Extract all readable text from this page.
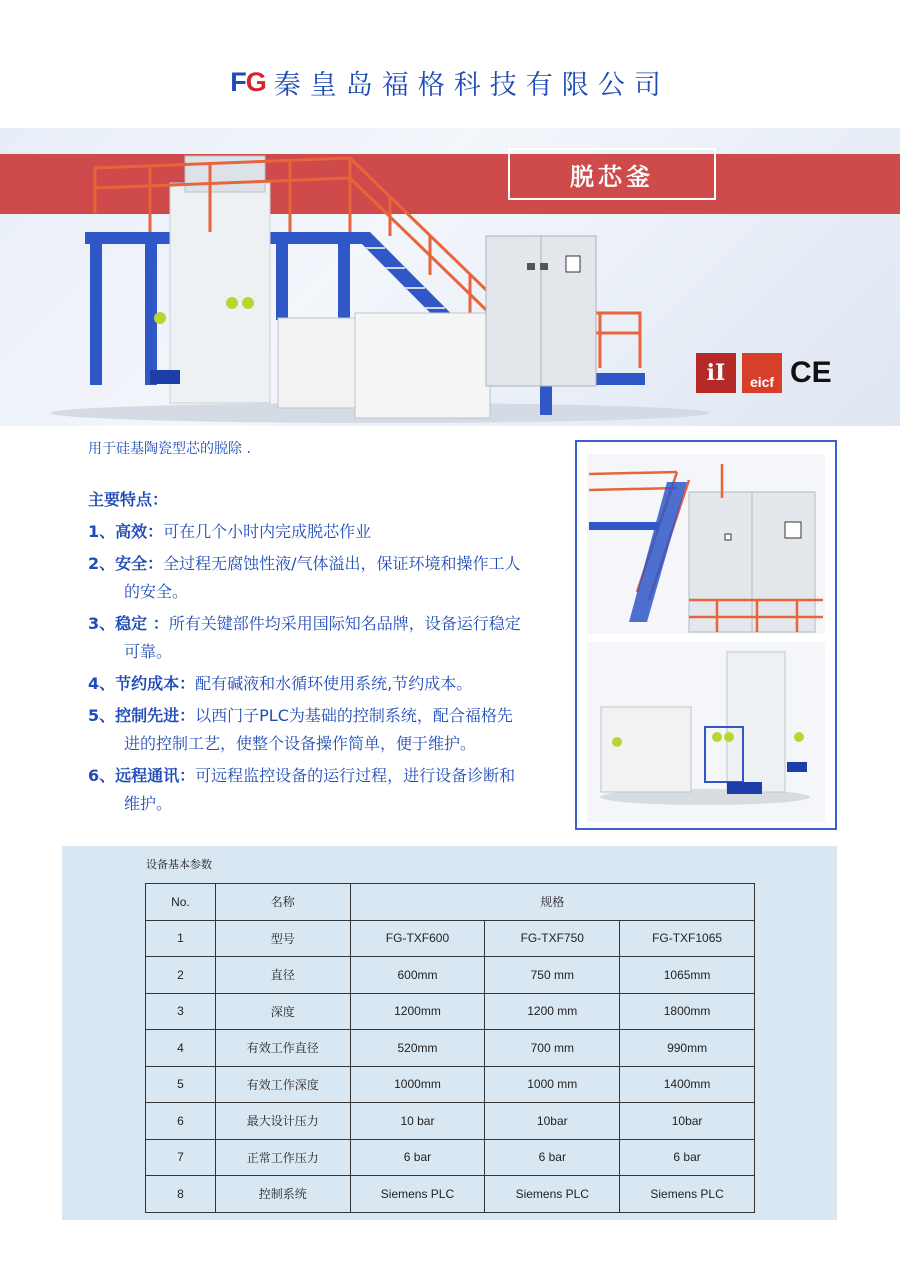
F G 秦皇岛福格科技有限公司
脱芯釜
iI	eicf CE
用于硅基陶瓷型芯的脱除 .
主要特点：
1、高效：可在几个小时内完成脱芯作业
2、安全：全过程无腐蚀性液/气体溢出，保证环境和操作工人
的安全。
3、稳定 ：所有关键部件均采用国际知名品牌，设备运行稳定
可靠。
4、节约成本：配有碱液和水循环使用系统,节约成本。
5、控制先进：以西门子PLC为基础的控制系统，配合福格先
进的控制工艺，使整个设备操作简单，便于维护。
6、远程通讯：可远程监控设备的运行过程，进行设备诊断和
维护。
设备基本参数
No.	名称	规格		
1	型号	FG-TXF600	FG-TXF750	FG-TXF1065
2	直径	600mm	750 mm	1065mm
3	深度	1200mm	1200 mm	1800mm
4	有效工作直径	520mm	700 mm	990mm
5	有效工作深度	1000mm	1000 mm	1400mm
6	最大设计压力	10 bar	10bar	10bar
7	正常工作压力	6 bar	6 bar	6 bar
8	控制系统	Siemens PLC	Siemens PLC	Siemens PLC
